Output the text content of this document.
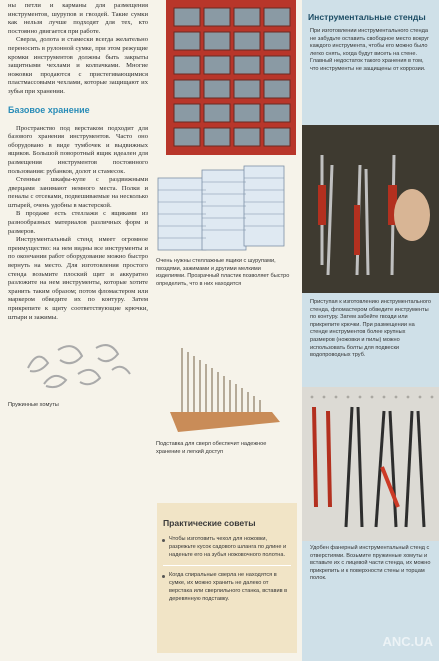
ны петли и карманы для размещения инструментов, шурупов и гвоздей. Такие сумки как нельзя лучше подходят для тех, кто постоянно двигается при работе.

Сверла, долота и стамески всегда желательно переносить в рулонной сумке, при этом режущие кромки инструментов должны быть закрыты защитными чехлами и колпачками. Многие ножовки продаются с пристегивающимися пластмассовыми чехлами, которые защищают их зубья при хранении.

Базовое хранение

Пространство под верстаком подходит для базового хранения инструментов. Часто оно оборудовано в виде тумбочек и выдвижных ящиков. Большой поворотный ящик идеален для размещения инструментов постоянного пользования: рубанков, долот и стамесок.

Стенные шкафы-купе с раздвижными дверцами занимают немного места. Полки и пеналы с отсеками, подвешиваемые на несколько штырей, очень удобны в мастерской.

В продаже есть стеллажи с ящиками из разнообразных материалов различных форм и размеров.

Инструментальный стенд имеет огромное преимущество: на нем видны все инструменты и по окончании работ оборудование можно быстро вернуть на место. Для изготовления простого стенда возьмите плоский щит и аккуратно разложите на нем инструменты, которые хотите хранить таким образом; потом фломастером или маркером обведите их по контуру. Затем прикрепите к щиту соответствующие крючки, штыри и зажимы.

Пружинные хомуты
Очень нужны стеллажные ящики с шурупами, гвоздями, зажимами и другими мелкими изделиями. Прозрачный пластик позволяет быстро определить, что в них находится
Подставка для сверл обеспечит надежное хранение и легкий доступ
Практические советы
Чтобы изготовить чехол для ножовки, разрежьте кусок садового шланга по длине и наденьте его на зубья ножовочного полотна.
Когда спиральные сверла не находятся в сумке, их можно хранить не далеко от верстака или сверлильного станка, вставив в деревянную подставку.
Инструментальные стенды
При изготовлении инструментального стенда не забудьте оставить свободное место вокруг каждого инструмента, чтобы его можно было легко снять, когда будут висеть на стене. Главный недостаток такого хранения в том, что инструменты не защищены от коррозии.
Приступая к изготовлению инструментального стенда, фломастером обведите инструменты по контуру. Затем забейте гвозди или прикрепите крючки. При размещении на стенде инструментов более крупных размеров (ножовки и пилы) можно использовать болты для подвески водопроводных труб.
Удобен фанерный инструментальный стенд с отверстиями. Возьмите пружинные хомуты и вставьте их с лицевой части стенда, их можно прикрепить и к поверхности стены и торцам полок.
ANC.UA
